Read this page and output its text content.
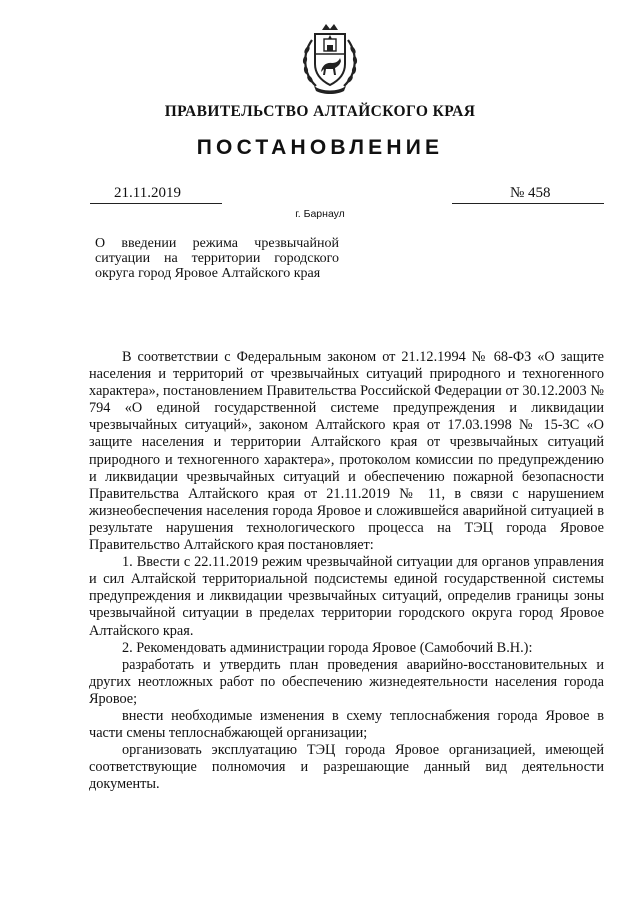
ПРАВИТЕЛЬСТВО АЛТАЙСКОГО КРАЯ
ПОСТАНОВЛЕНИЕ
21.11.2019	№ 458
г. Барнаул

О введении режима чрезвычайной ситуации на территории городского округа город Яровое Алтайского края

В соответствии с Федеральным законом от 21.12.1994 № 68-ФЗ «О защите населения и территорий от чрезвычайных ситуаций природного и техногенного характера», постановлением Правительства Российской Федерации от 30.12.2003 № 794 «О единой государственной системе предупреждения и ликвидации чрезвычайных ситуаций», законом Алтайского края от 17.03.1998 № 15-ЗС «О защите населения и территории Алтайского края от чрезвычайных ситуаций природного и техногенного характера», протоколом комиссии по предупреждению и ликвидации чрезвычайных ситуаций и обеспечению пожарной безопасности Правительства Алтайского края от 21.11.2019 № 11, в связи с нарушением жизнеобеспечения населения города Яровое и сложившейся аварийной ситуацией в результате нарушения технологического процесса на ТЭЦ города Яровое Правительство Алтайского края постановляет:

1. Ввести с 22.11.2019 режим чрезвычайной ситуации для органов управления и сил Алтайской территориальной подсистемы единой государственной системы предупреждения и ликвидации чрезвычайных ситуаций, определив границы зоны чрезвычайной ситуации в пределах территории городского округа город Яровое Алтайского края.

2. Рекомендовать администрации города Яровое (Самобочий В.Н.):

разработать и утвердить план проведения аварийно-восстановительных и других неотложных работ по обеспечению жизнедеятельности населения города Яровое;

внести необходимые изменения в схему теплоснабжения города Яровое в части смены теплоснабжающей организации;

организовать эксплуатацию ТЭЦ города Яровое организацией, имеющей соответствующие полномочия и разрешающие данный вид деятельности документы.
